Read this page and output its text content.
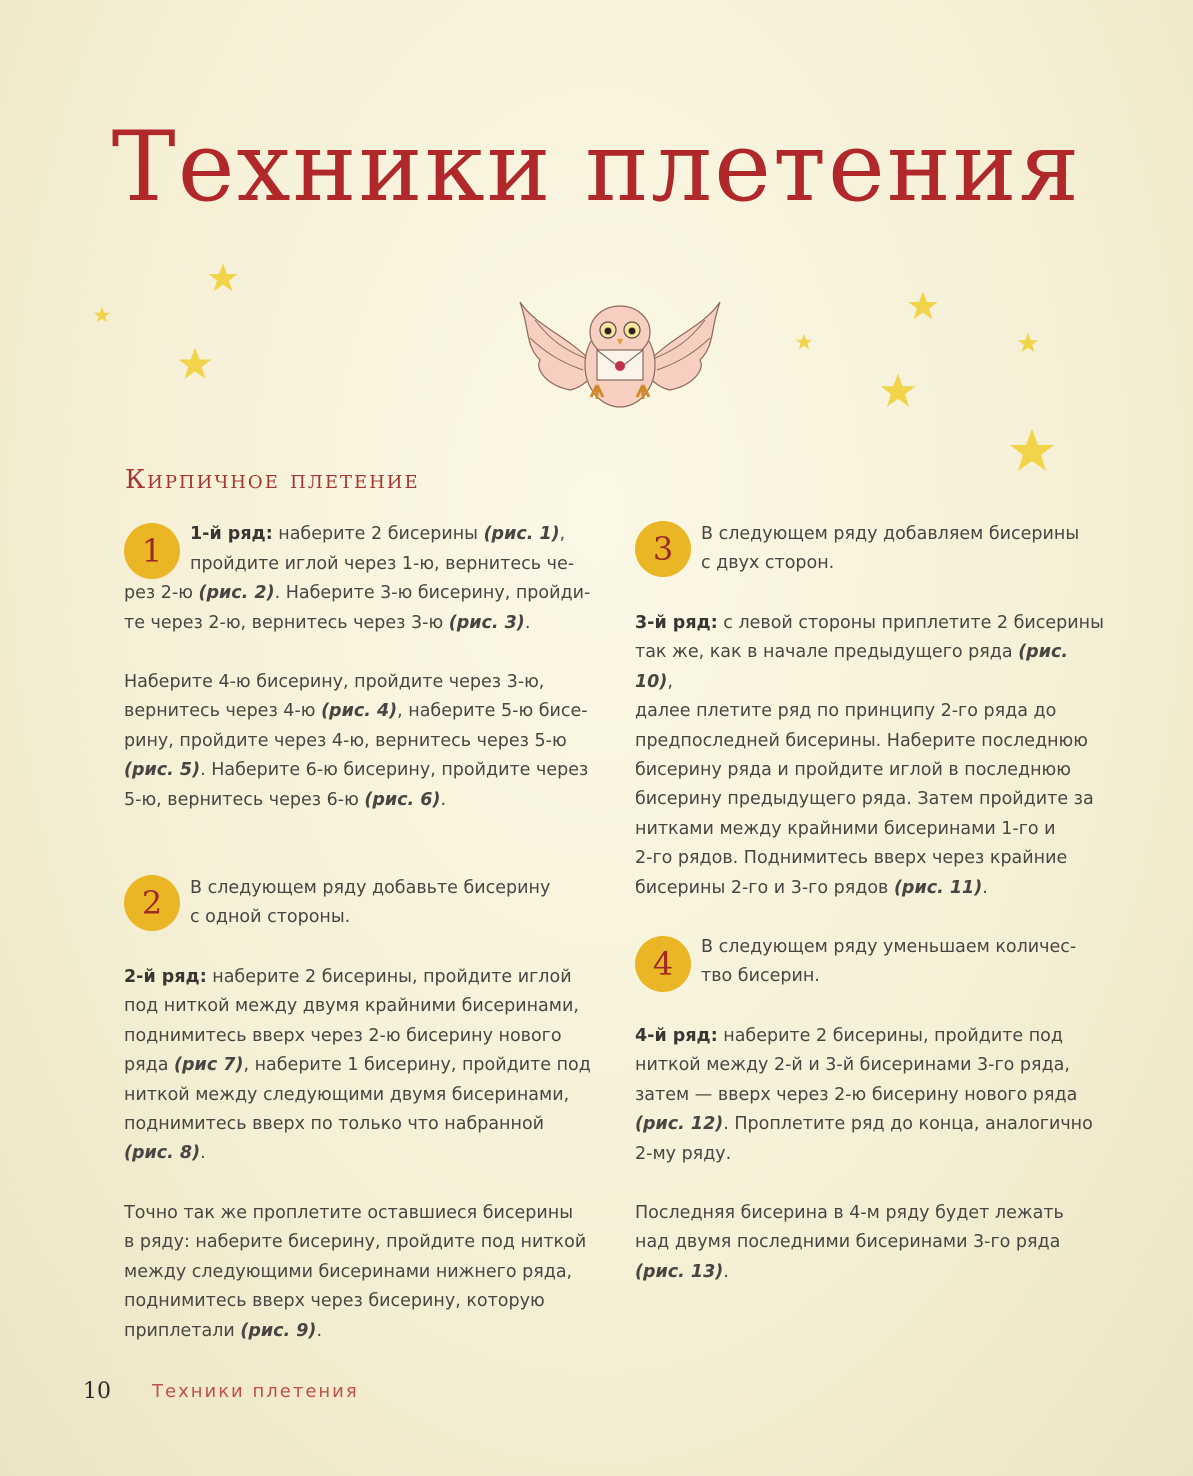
Техники плетения
Кирпичное плетение
1	1-й ряд: наберите 2 бисерины (рис. 1),
пройдите иглой через 1-ю, вернитесь че-
рез 2-ю (рис. 2). Наберите 3-ю бисерину, пройди-
те через 2-ю, вернитесь через 3-ю (рис. 3).
Наберите 4-ю бисерину, пройдите через 3-ю,
вернитесь через 4-ю (рис. 4), наберите 5-ю бисе-
рину, пройдите через 4-ю, вернитесь через 5-ю
(рис. 5). Наберите 6-ю бисерину, пройдите через
5-ю, вернитесь через 6-ю (рис. 6).
2	В следующем ряду добавьте бисерину
с одной стороны.
2-й ряд: наберите 2 бисерины, пройдите иглой
под ниткой между двумя крайними бисеринами,
поднимитесь вверх через 2-ю бисерину нового
ряда (рис 7), наберите 1 бисерину, пройдите под
ниткой между следующими двумя бисеринами,
поднимитесь вверх по только что набранной
(рис. 8).
Точно так же проплетите оставшиеся бисерины
в ряду: наберите бисерину, пройдите под ниткой
между следующими бисеринами нижнего ряда,
поднимитесь вверх через бисерину, которую
приплетали (рис. 9).
3	В следующем ряду добавляем бисерины
с двух сторон.
3-й ряд: с левой стороны приплетите 2 бисерины
так же, как в начале предыдущего ряда (рис. 10),
далее плетите ряд по принципу 2-го ряда до
предпоследней бисерины. Наберите последнюю
бисерину ряда и пройдите иглой в последнюю
бисерину предыдущего ряда. Затем пройдите за
нитками между крайними бисеринами 1-го и
2-го рядов. Поднимитесь вверх через крайние
бисерины 2-го и 3-го рядов (рис. 11).
4	В следующем ряду уменьшаем количес-
тво бисерин.
4-й ряд: наберите 2 бисерины, пройдите под
ниткой между 2-й и 3-й бисеринами 3-го ряда,
затем — вверх через 2-ю бисерину нового ряда
(рис. 12). Проплетите ряд до конца, аналогично
2-му ряду.
Последняя бисерина в 4-м ряду будет лежать
над двумя последними бисеринами 3-го ряда
(рис. 13).
10 Техники плетения
